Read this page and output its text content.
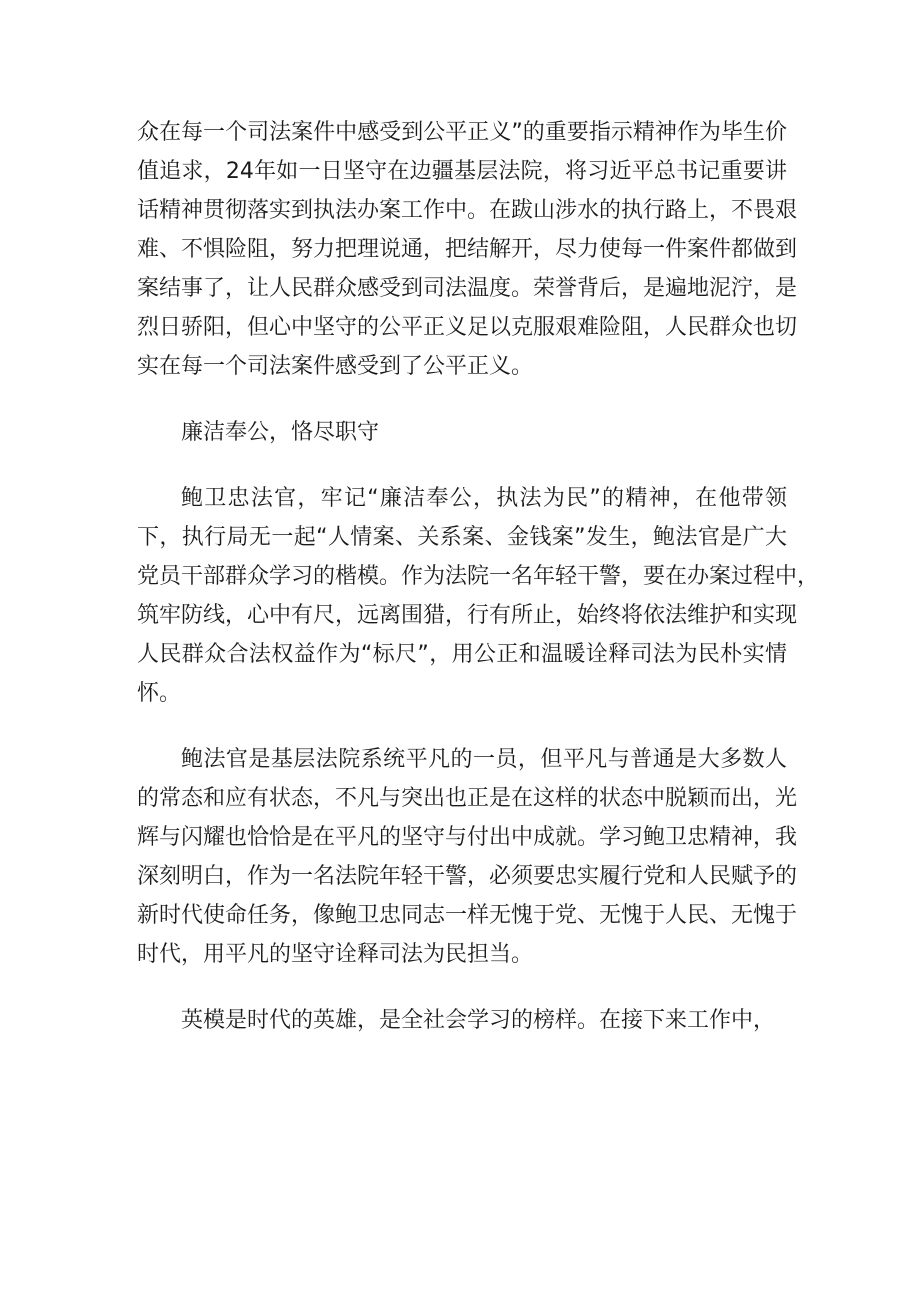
众在每一个司法案件中感受到公平正义”的重要指示精神作为毕生价

值追求，24年如一日坚守在边疆基层法院，将习近平总书记重要讲

话精神贯彻落实到执法办案工作中。在跋山涉水的执行路上，不畏艰

难、不惧险阻，努力把理说通，把结解开，尽力使每一件案件都做到

案结事了，让人民群众感受到司法温度。荣誉背后，是遍地泥泞，是

烈日骄阳，但心中坚守的公平正义足以克服艰难险阻，人民群众也切

实在每一个司法案件感受到了公平正义。

廉洁奉公，恪尽职守

鲍卫忠法官，牢记“廉洁奉公，执法为民”的精神，在他带领

下，执行局无一起“人情案、关系案、金钱案”发生，鲍法官是广大

党员干部群众学习的楷模。作为法院一名年轻干警，要在办案过程中，

筑牢防线，心中有尺，远离围猎，行有所止，始终将依法维护和实现

人民群众合法权益作为“标尺”，用公正和温暖诠释司法为民朴实情

怀。

鲍法官是基层法院系统平凡的一员，但平凡与普通是大多数人

的常态和应有状态，不凡与突出也正是在这样的状态中脱颖而出，光

辉与闪耀也恰恰是在平凡的坚守与付出中成就。学习鲍卫忠精神，我

深刻明白，作为一名法院年轻干警，必须要忠实履行党和人民赋予的

新时代使命任务，像鲍卫忠同志一样无愧于党、无愧于人民、无愧于

时代，用平凡的坚守诠释司法为民担当。

英模是时代的英雄，是全社会学习的榜样。在接下来工作中，
